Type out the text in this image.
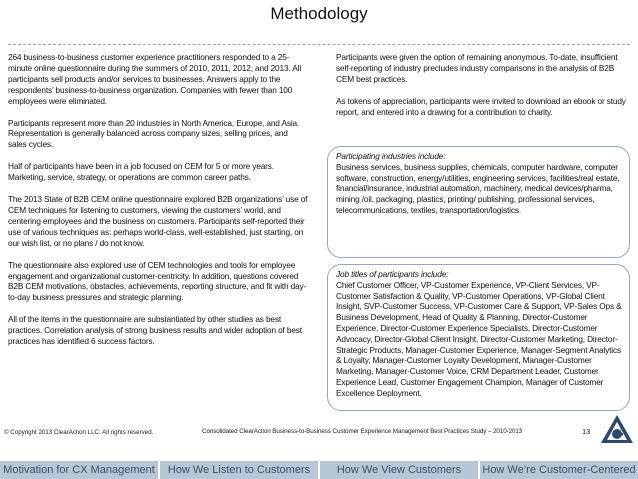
Methodology

264 business-to-business customer experience practitioners responded to a 25-minute online questionnaire during the summers of 2010, 2011, 2012, and 2013. All participants sell products and/or services to businesses. Answers apply to the respondents’ business-to-business organization. Companies with fewer than 100 employees were eliminated.

Participants represent more than 20 industries in North America, Europe, and Asia. Representation is generally balanced across company sizes, selling prices, and sales cycles.

Half of participants have been in a job focused on CEM for 5 or more years. Marketing, service, strategy, or operations are common career paths.

The 2013 State of B2B CEM online questionnaire explored B2B organizations’ use of CEM techniques for listening to customers, viewing the customers’ world, and centering employees and the business on customers. Participants self-reported their use of various techniques as: perhaps world-class, well-established, just starting, on our wish list, or no plans / do not know.

The questionnaire also explored use of CEM technologies and tools for employee engagement and organizational customer-centricity. In addition, questions covered B2B CEM motivations, obstacles, achievements, reporting structure, and fit with day-to-day business pressures and strategic planning.

All of the items in the questionnaire are substantiated by other studies as best practices. Correlation analysis of strong business results and wider adoption of best practices has identified 6 success factors.

Participants were given the option of remaining anonymous. To-date, insufficient self-reporting of industry precludes industry comparisons in the analysis of B2B CEM best practices.

As tokens of appreciation, participants were invited to download an ebook or study report, and entered into a drawing for a contribution to charity.

Participating industries include:
Business services, business supplies, chemicals, computer hardware, computer software, construction, energy/utilities, engineering services, facilities/real estate, financial/insurance, industrial automation, machinery, medical devices/pharma, mining /oil, packaging, plastics, printing/ publishing, professional services, telecommunications, textiles, transportation/logistics.
Job titles of participants include:
Chief Customer Officer, VP-Customer Experience, VP-Client Services, VP-Customer Satisfaction & Quality, VP-Customer Operations, VP-Global Client Insight, SVP-Customer Success, VP-Customer Care & Support, VP-Sales Ops & Business Development, Head of Quality & Planning, Director-Customer Experience, Director-Customer Experience Specialists, Director-Customer Advocacy, Director-Global Client Insight, Director-Customer Marketing, Director-Strategic Products, Manager-Customer Experience, Manager-Segment Analytics & Loyalty, Manager-Customer Loyalty Development, Manager-Customer Marketing, Manager-Customer Voice, CRM Department Leader, Customer Experience Lead, Customer Engagement Champion, Manager of Customer Excellence Deployment.
© Copyright 2013 ClearAction LLC. All rights reserved.	Consolidated ClearAction Business-to-Business Customer Experience Management Best Practices Study – 2010-2013	13
Motivation for CX Management	How We Listen to Customers	How We View Customers	How We’re Customer-Centered
